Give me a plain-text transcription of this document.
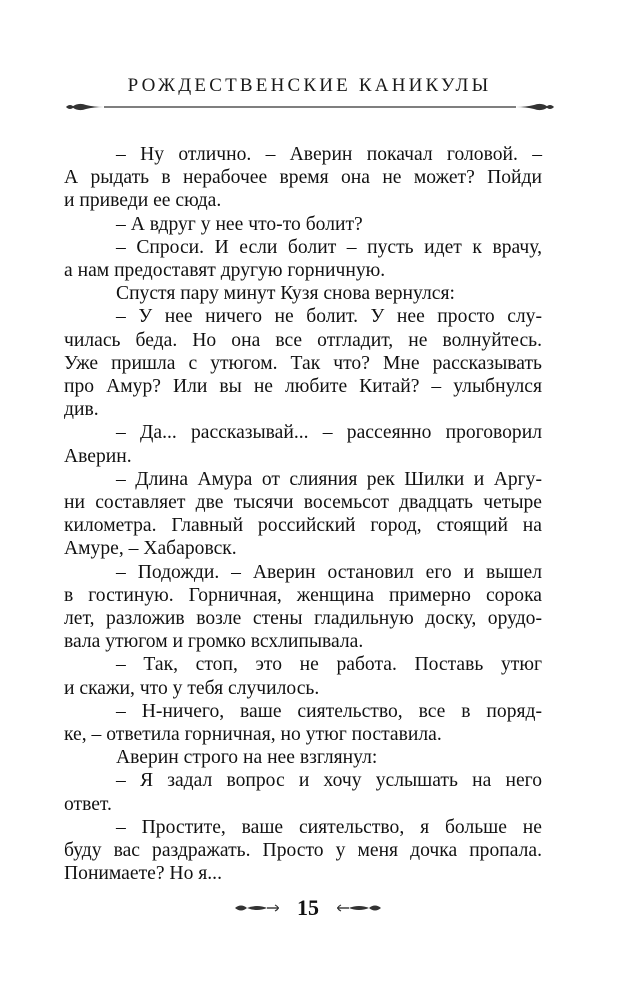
РОЖДЕСТВЕНСКИЕ КАНИКУЛЫ
– Ну отлично. – Аверин покачал головой. –
А рыдать в нерабочее время она не может? Пойди
и приведи ее сюда.
– А вдруг у нее что-то болит?
– Спроси. И если болит – пусть идет к врачу,
а нам предоставят другую горничную.
Спустя пару минут Кузя снова вернулся:
– У нее ничего не болит. У нее просто слу-
чилась беда. Но она все отгладит, не волнуйтесь.
Уже пришла с утюгом. Так что? Мне рассказывать
про Амур? Или вы не любите Китай? – улыбнулся
див.
– Да... рассказывай... – рассеянно проговорил
Аверин.
– Длина Амура от слияния рек Шилки и Аргу-
ни составляет две тысячи восемьсот двадцать четыре
километра. Главный российский город, стоящий на
Амуре, – Хабаровск.
– Подожди. – Аверин остановил его и вышел
в гостиную. Горничная, женщина примерно сорока
лет, разложив возле стены гладильную доску, орудо-
вала утюгом и громко всхлипывала.
– Так, стоп, это не работа. Поставь утюг
и скажи, что у тебя случилось.
– Н-ничего, ваше сиятельство, все в поряд-
ке, – ответила горничная, но утюг поставила.
Аверин строго на нее взглянул:
– Я задал вопрос и хочу услышать на него
ответ.
– Простите, ваше сиятельство, я больше не
буду вас раздражать. Просто у меня дочка пропала.
Понимаете? Но я...
15
